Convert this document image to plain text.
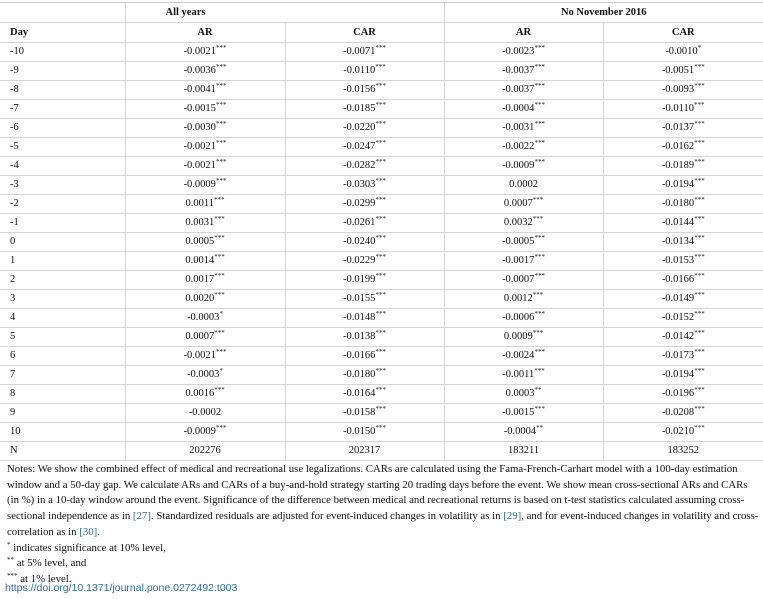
	All years		No November 2016	
Day	AR	CAR	AR	CAR
-10	-0.0021***	-0.0071***	-0.0023***	-0.0010*
-9	-0.0036***	-0.0110***	-0.0037***	-0.0051***
-8	-0.0041***	-0.0156***	-0.0037***	-0.0093***
-7	-0.0015***	-0.0185***	-0.0004***	-0.0110***
-6	-0.0030***	-0.0220***	-0.0031***	-0.0137***
-5	-0.0021***	-0.0247***	-0.0022***	-0.0162***
-4	-0.0021***	-0.0282***	-0.0009***	-0.0189***
-3	-0.0009***	-0.0303***	0.0002	-0.0194***
-2	0.0011***	-0.0299***	0.0007***	-0.0180***
-1	0.0031***	-0.0261***	0.0032***	-0.0144***
0	0.0005***	-0.0240***	-0.0005***	-0.0134***
1	0.0014***	-0.0229***	-0.0017***	-0.0153***
2	0.0017***	-0.0199***	-0.0007***	-0.0166***
3	0.0020***	-0.0155***	0.0012***	-0.0149***
4	-0.0003*	-0.0148***	-0.0006***	-0.0152***
5	0.0007***	-0.0138***	0.0009***	-0.0142***
6	-0.0021***	-0.0166***	-0.0024***	-0.0173***
7	-0.0003*	-0.0180***	-0.0011***	-0.0194***
8	0.0016***	-0.0164***	0.0003**	-0.0196***
9	-0.0002	-0.0158***	-0.0015***	-0.0208***
10	-0.0009***	-0.0150***	-0.0004**	-0.0210***
N	202276	202317	183211	183252

Notes: We show the combined effect of medical and recreational use legalizations. CARs are calculated using the Fama-French-Carhart model with a 100-day estimation window and a 50-day gap. We calculate ARs and CARs of a buy-and-hold strategy starting 20 trading days before the event. We show mean cross-sectional ARs and CARs (in %) in a 10-day window around the event. Significance of the difference between medical and recreational returns is based on t-test statistics calculated assuming cross-sectional independence as in [27]. Standardized residuals are adjusted for event-induced changes in volatility as in [29], and for event-induced changes in volatility and cross-correlation as in [30].

* indicates significance at 10% level,

** at 5% level, and

*** at 1% level.

https://doi.org/10.1371/journal.pone.0272492.t003
